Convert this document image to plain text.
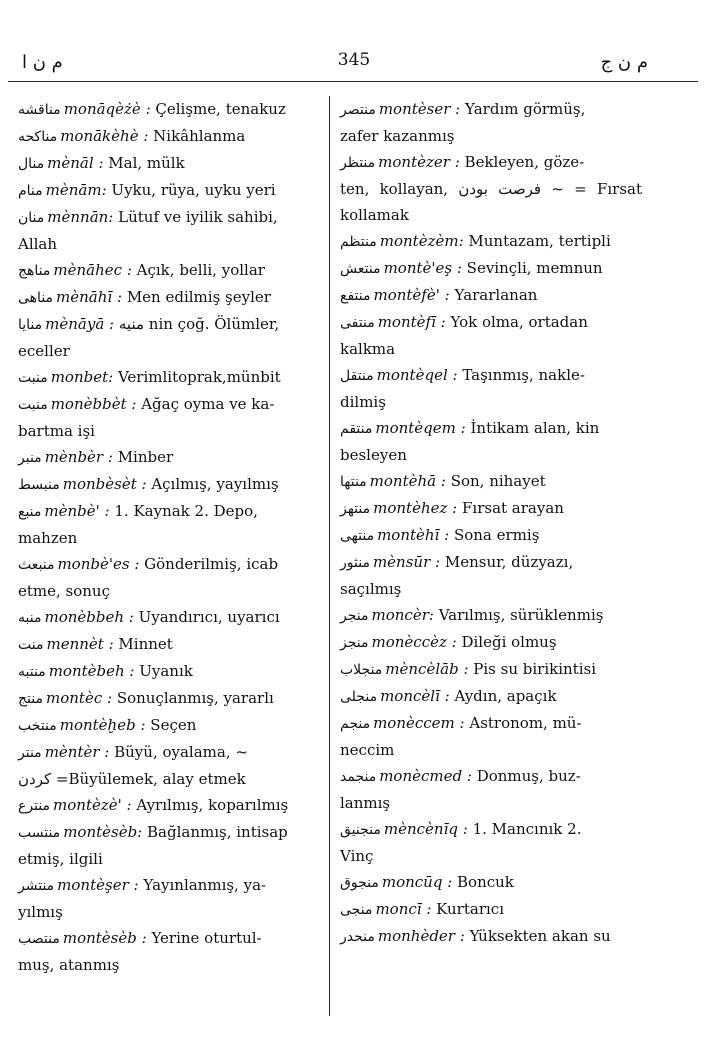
م ن ا	345	م ن ج
مناقشه monāqèżè : Çelişme, tenakuz
مناكحه monākèhè : Nikâhlanma
منال mènāl : Mal, mülk
منام mènām: Uyku, rüya, uyku yeri
منان mènnān: Lütuf ve iyilik sahibi,
Allah
مناهج mènāhec : Açık, belli, yollar
مناهى mènāhī : Men edilmiş şeyler
منايا mènāyā : منيه nin çoğ. Ölümler,
eceller
منبت monbet: Verimlitoprak,münbit
منبت monèbbèt : Ağaç oyma ve ka-
bartma işi
منبر mènbèr : Minber
منبسط monbèsèt : Açılmış, yayılmış
منبع mènbè' : 1. Kaynak 2. Depo,
mahzen
منبعث monbè'es : Gönderilmiş, icab
etme, sonuç
منبه monèbbeh : Uyandırıcı, uyarıcı
منت mennèt : Minnet
منتبه montèbeh : Uyanık
منتج montèc : Sonuçlanmış, yararlı
منتخب montèḫeb : Seçen
منتر mèntèr : Büyü, oyalama, ~
كردن =Büyülemek, alay etmek
منترع montèzè' : Ayrılmış, koparılmış
منتسب montèsèb: Bağlanmış, intisap
etmiş, ilgili
منتشر montèşer : Yayınlanmış, ya-
yılmış
منتصب montèsèb : Yerine oturtul-
muş, atanmış
منتصر montèser : Yardım görmüş,
zafer kazanmış
منتظر montèzer : Bekleyen, göze-
ten, kollayan, فرصت بودن ~ = Fırsat kollamak
منتظم montèzèm: Muntazam, tertipli
منتعش montè'eş : Sevinçli, memnun
منتفع montèfè' : Yararlanan
منتفى montèfī : Yok olma, ortadan
kalkma
منتقل montèqel : Taşınmış, nakle-
dilmiş
منتقم montèqem : İntikam alan, kin
besleyen
منتها montèhā : Son, nihayet
منتهز montèhez : Fırsat arayan
منتهى montèhī : Sona ermiş
منثور mènsūr : Mensur, düzyazı,
saçılmış
منجر moncèr: Varılmış, sürüklenmiş
منجز monèccèz : Dileği olmuş
منجلاب mèncèlāb : Pis su birikintisi
منجلى moncèlī : Aydın, apaçık
منجم monèccem : Astronom, mü-
neccim
منجمد monècmed : Donmuş, buz-
lanmış
منجنيق mèncènīq : 1. Mancınık 2.
Vinç
منجوق moncūq : Boncuk
منجى moncī : Kurtarıcı
منحدر monhèder : Yüksekten akan su
